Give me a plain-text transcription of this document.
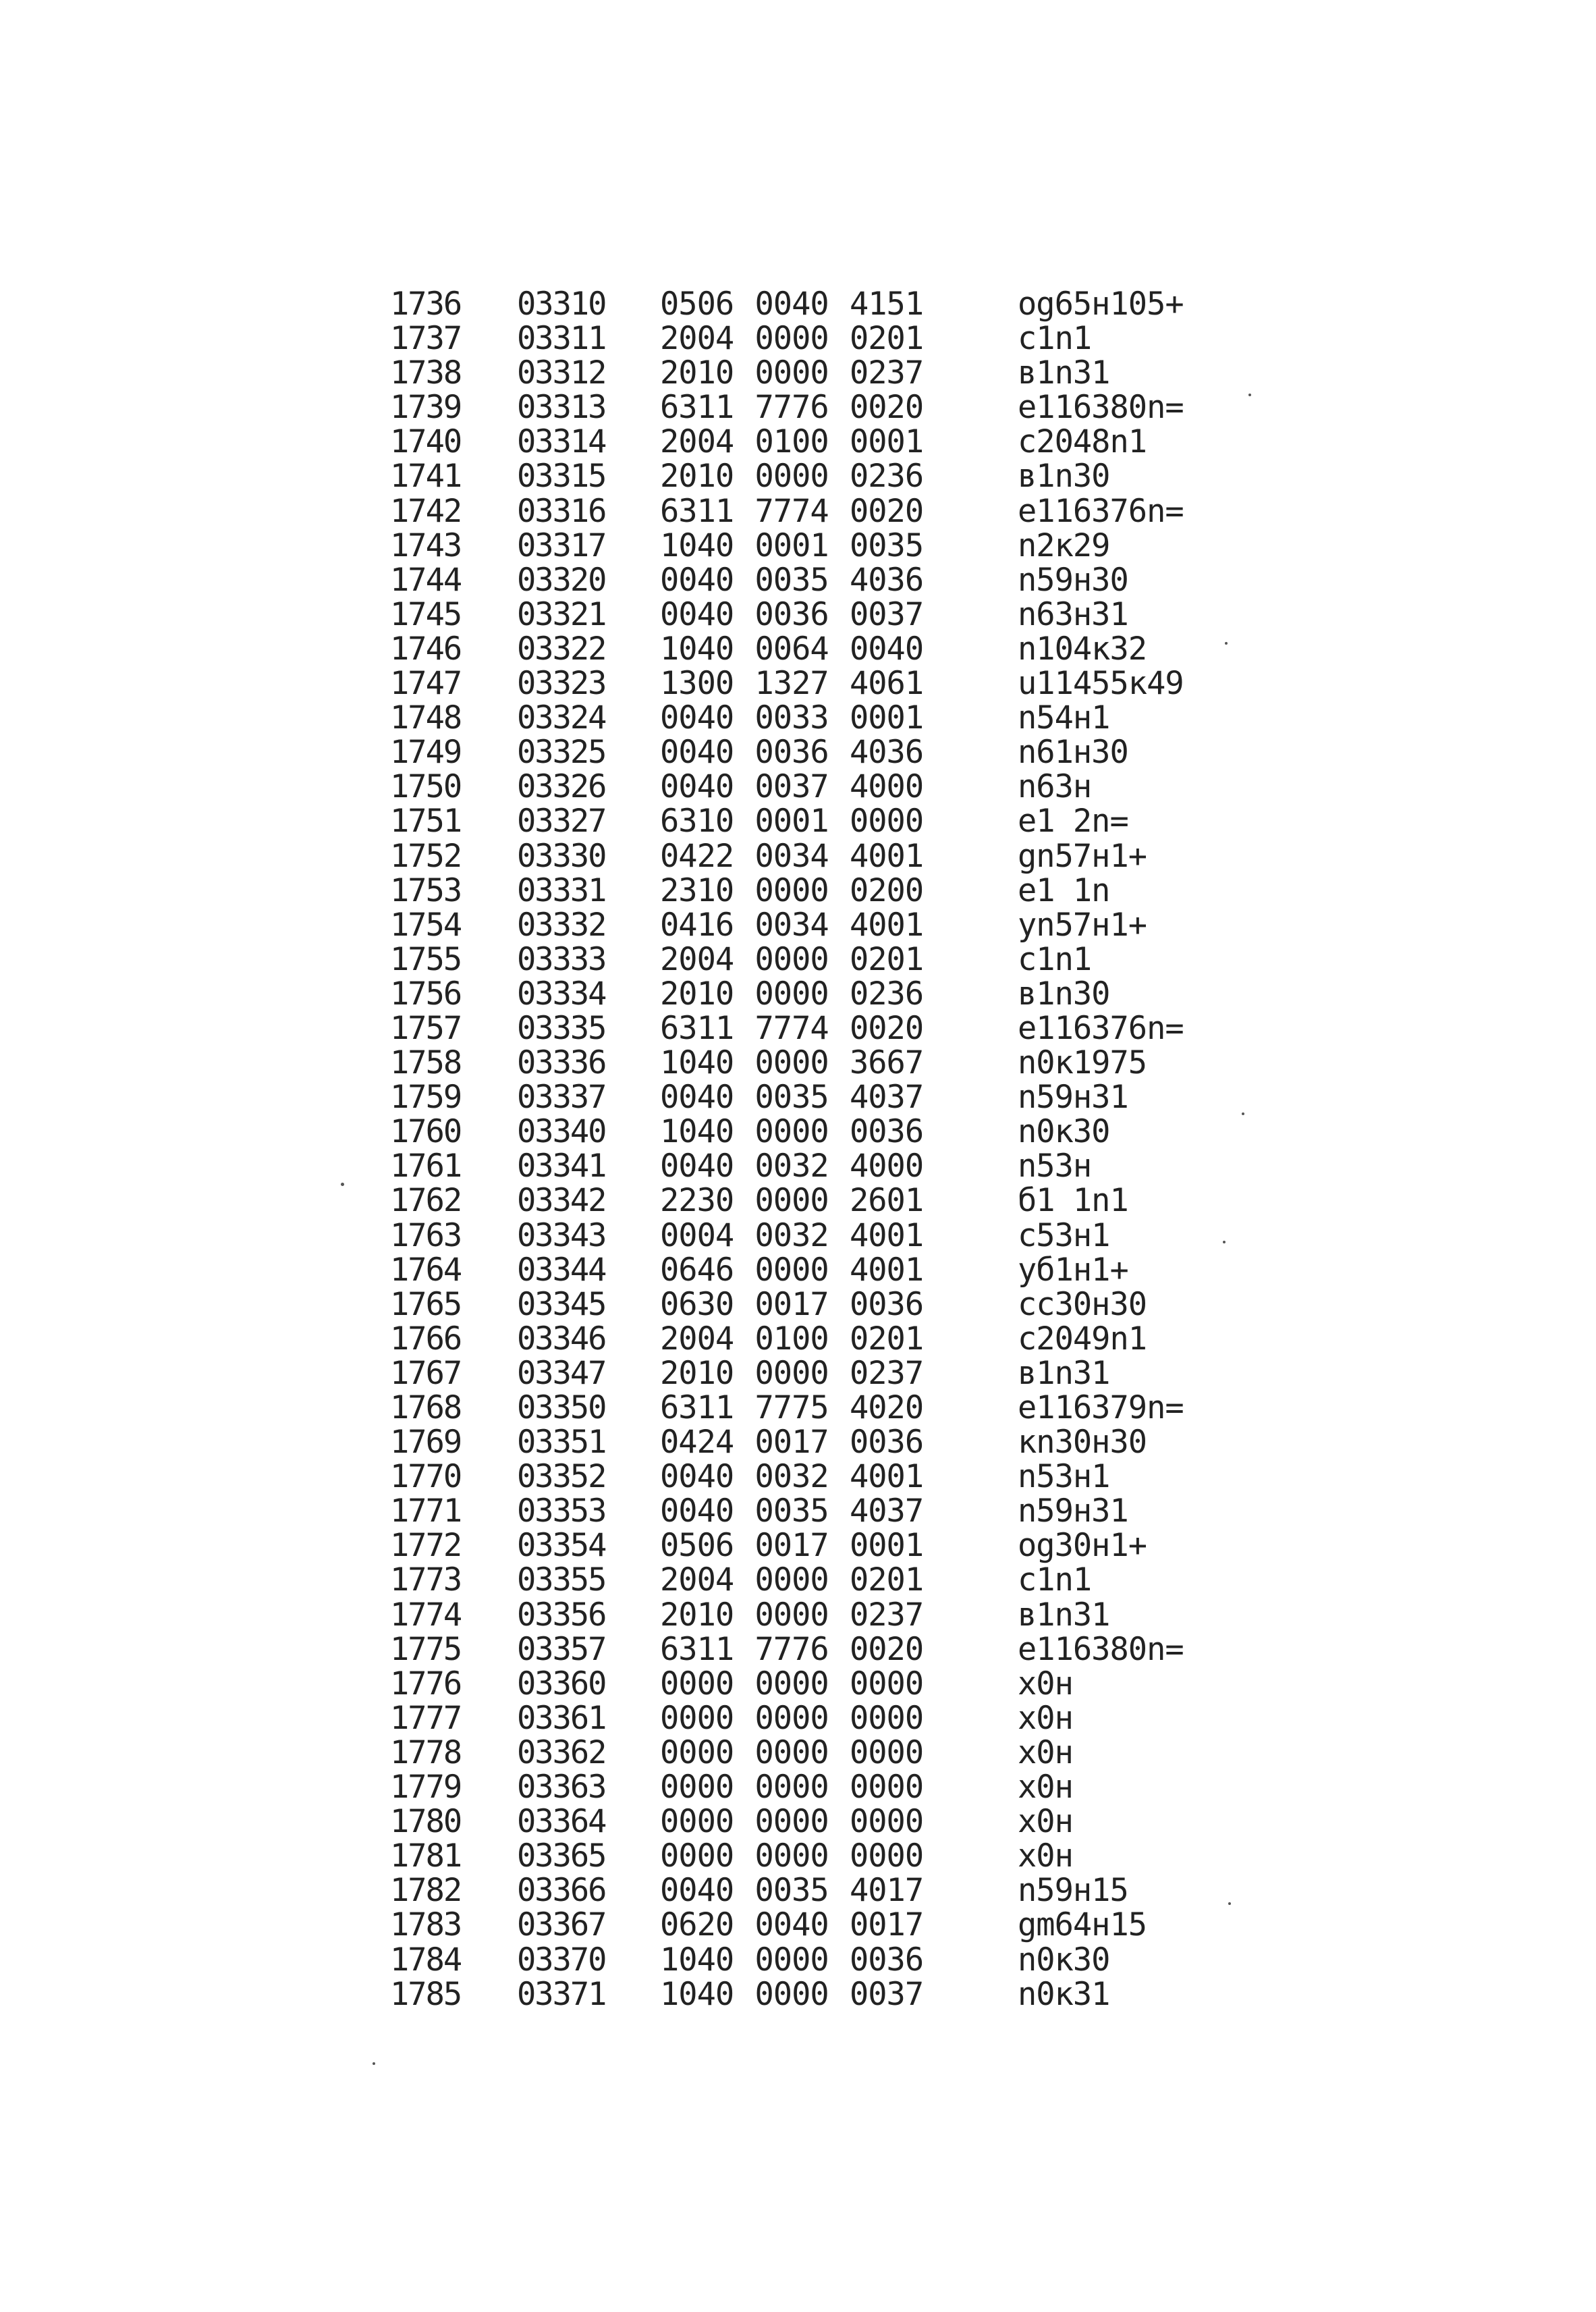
1736 03310 0506 0040 4151	og65н105+
1737 03311 2004 0000 0201	c1n1
1738 03312 2010 0000 0237	в1n31
1739 03313 6311 7776 0020	e116380n=
1740 03314 2004 0100 0001	c2048n1
1741 03315 2010 0000 0236	в1n30
1742 03316 6311 7774 0020	e116376n=
1743 03317 1040 0001 0035	n2к29
1744 03320 0040 0035 4036	n59н30
1745 03321 0040 0036 0037	n63н31
1746 03322 1040 0064 0040	n104к32
1747 03323 1300 1327 4061	u11455к49
1748 03324 0040 0033 0001	n54н1
1749 03325 0040 0036 4036	n61н30
1750 03326 0040 0037 4000	n63н
1751 03327 6310 0001 0000	e1 2n=
1752 03330 0422 0034 4001	gn57н1+
1753 03331 2310 0000 0200	e1 1n
1754 03332 0416 0034 4001	yn57н1+
1755 03333 2004 0000 0201	c1n1
1756 03334 2010 0000 0236	в1n30
1757 03335 6311 7774 0020	e116376n=
1758 03336 1040 0000 3667	n0к1975
1759 03337 0040 0035 4037	n59н31
1760 03340 1040 0000 0036	n0к30
1761 03341 0040 0032 4000	n53н
1762 03342 2230 0000 2601	б1 1n1
1763 03343 0004 0032 4001	c53н1
1764 03344 0646 0000 4001	yб1н1+
1765 03345 0630 0017 0036	cc30н30
1766 03346 2004 0100 0201	c2049n1
1767 03347 2010 0000 0237	в1n31
1768 03350 6311 7775 4020	e116379n=
1769 03351 0424 0017 0036	кn30н30
1770 03352 0040 0032 4001	n53н1
1771 03353 0040 0035 4037	n59н31
1772 03354 0506 0017 0001	og30н1+
1773 03355 2004 0000 0201	c1n1
1774 03356 2010 0000 0237	в1n31
1775 03357 6311 7776 0020	e116380n=
1776 03360 0000 0000 0000	x0н
1777 03361 0000 0000 0000	x0н
1778 03362 0000 0000 0000	x0н
1779 03363 0000 0000 0000	x0н
1780 03364 0000 0000 0000	x0н
1781 03365 0000 0000 0000	x0н
1782 03366 0040 0035 4017	n59н15
1783 03367 0620 0040 0017	gm64н15
1784 03370 1040 0000 0036	n0к30
1785 03371 1040 0000 0037	n0к31
